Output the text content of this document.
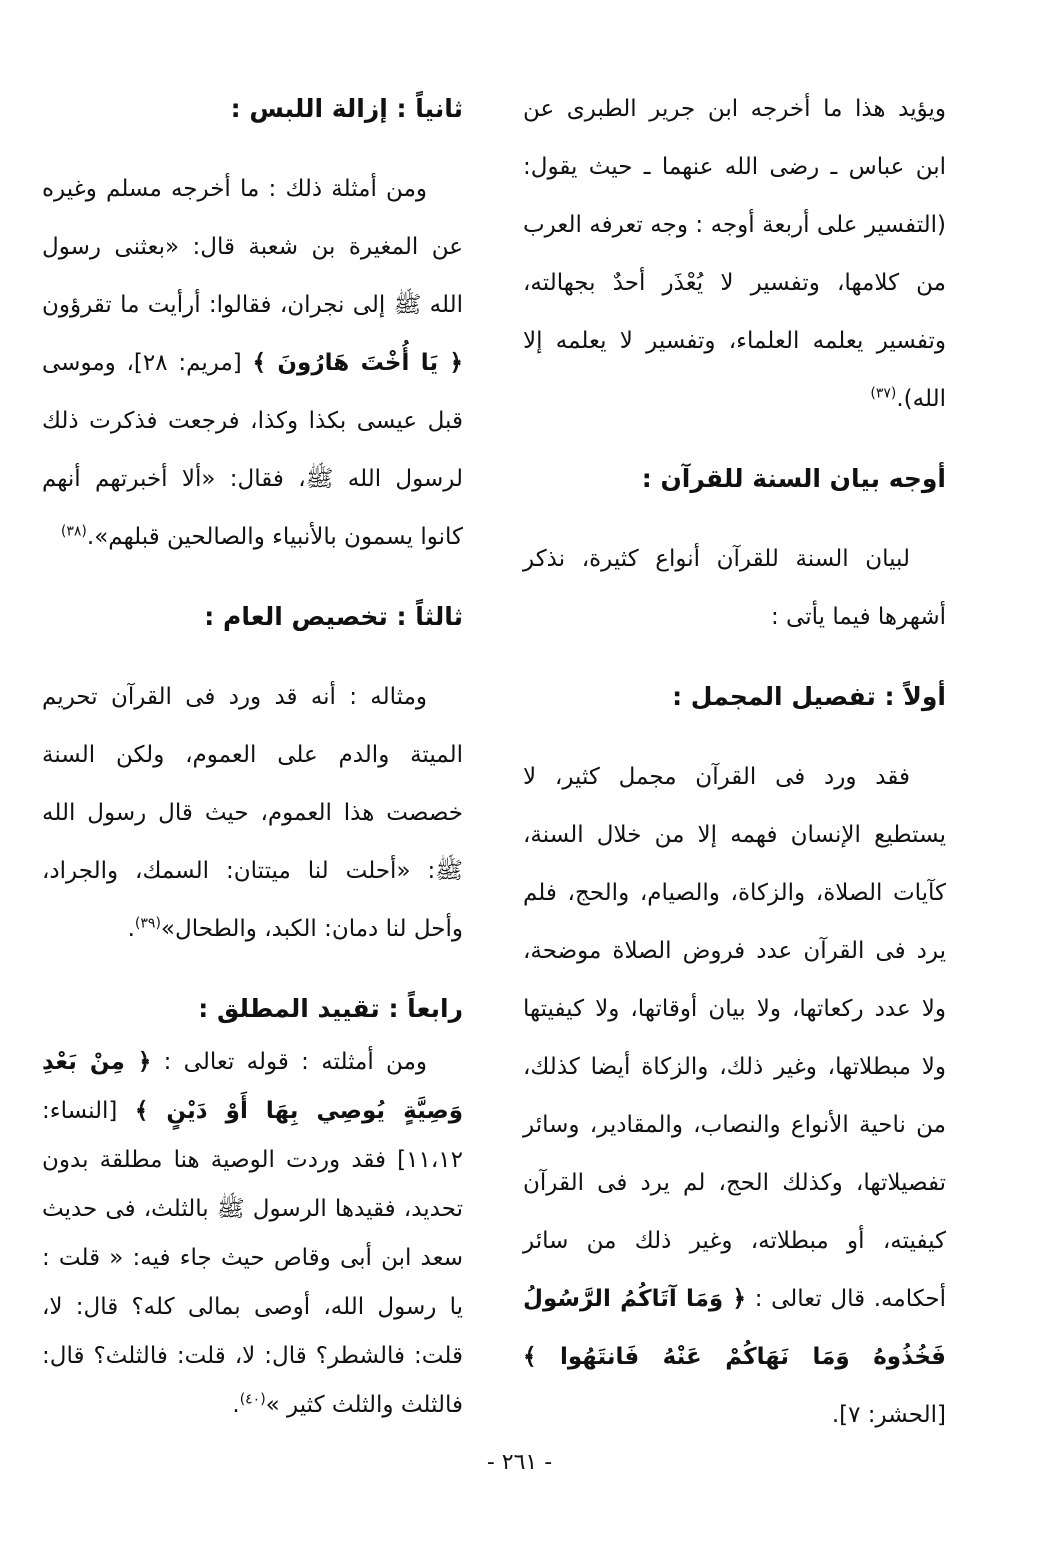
ويؤيد هذا ما أخرجه ابن جرير الطبرى عن ابن عباس ـ رضى الله عنهما ـ حيث يقول: (التفسير على أربعة أوجه : وجه تعرفه العرب من كلامها، وتفسير لا يُعْذَر أحدٌ بجهالته، وتفسير يعلمه العلماء، وتفسير لا يعلمه إلا الله).$^{(٣٧)}$

أوجه بيان السنة للقرآن :

لبيان السنة للقرآن أنواع كثيرة، نذكر أشهرها فيما يأتى :

أولاً : تفصيل المجمل :

فقد ورد فى القرآن مجمل كثير، لا يستطيع الإنسان فهمه إلا من خلال السنة، كآيات الصلاة، والزكاة، والصيام، والحج، فلم يرد فى القرآن عدد فروض الصلاة موضحة، ولا عدد ركعاتها، ولا بيان أوقاتها، ولا كيفيتها ولا مبطلاتها، وغير ذلك، والزكاة أيضا كذلك، من ناحية الأنواع والنصاب، والمقادير، وسائر تفصيلاتها، وكذلك الحج، لم يرد فى القرآن كيفيته، أو مبطلاته، وغير ذلك من سائر أحكامه. قال تعالى : ﴿ وَمَا آتَاكُمُ الرَّسُولُ فَخُذُوهُ وَمَا نَهَاكُمْ عَنْهُ فَانتَهُوا ﴾ [الحشر: ٧].

ثانياً : إزالة اللبس :

ومن أمثلة ذلك : ما أخرجه مسلم وغيره عن المغيرة بن شعبة قال: «بعثنى رسول الله ﷺ إلى نجران، فقالوا: أرأيت ما تقرؤون ﴿ يَا أُخْتَ هَارُونَ ﴾ [مريم: ٢٨]، وموسى قبل عيسى بكذا وكذا، فرجعت فذكرت ذلك لرسول الله ﷺ، فقال: «ألا أخبرتهم أنهم كانوا يسمون بالأنبياء والصالحين قبلهم».$^{(٣٨)}$

ثالثاً : تخصيص العام :

ومثاله : أنه قد ورد فى القرآن تحريم الميتة والدم على العموم، ولكن السنة خصصت هذا العموم، حيث قال رسول الله ﷺ: «أحلت لنا ميتتان: السمك، والجراد، وأحل لنا دمان: الكبد، والطحال»$^{(٣٩)}$.

رابعاً : تقييد المطلق :

ومن أمثلته : قوله تعالى : ﴿ مِنْ بَعْدِ وَصِيَّةٍ يُوصِي بِهَا أَوْ دَيْنٍ ﴾ [النساء: ١١،١٢] فقد وردت الوصية هنا مطلقة بدون تحديد، فقيدها الرسول ﷺ بالثلث، فى حديث سعد ابن أبى وقاص حيث جاء فيه: « قلت : يا رسول الله، أوصى بمالى كله؟ قال: لا، قلت: فالشطر؟ قال: لا، قلت: فالثلث؟ قال: فالثلث والثلث كثير »$^{(٤٠)}$.

- ٢٦١ -
